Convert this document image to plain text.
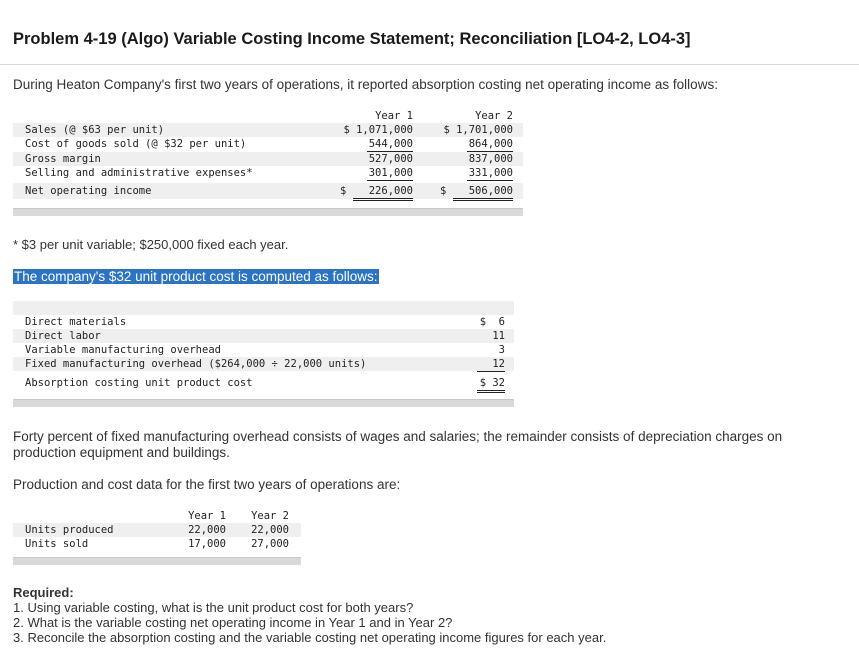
Problem 4-19 (Algo) Variable Costing Income Statement; Reconciliation [LO4-2, LO4-3]
During Heaton Company's first two years of operations, it reported absorption costing net operating income as follows:
Year 1	Year 2
Sales (@ $63 per unit)	$ 1,071,000	$ 1,701,000
Cost of goods sold (@ $32 per unit)	544,000	864,000
Gross margin	527,000	837,000
Selling and administrative expenses*	301,000	331,000
Net operating income	$	226,000	$	506,000
* $3 per unit variable; $250,000 fixed each year.
The company's $32 unit product cost is computed as follows:
Direct materials	$  6
Direct labor	11
Variable manufacturing overhead	3
Fixed manufacturing overhead ($264,000 ÷ 22,000 units)	12
Absorption costing unit product cost	$ 32
Forty percent of fixed manufacturing overhead consists of wages and salaries; the remainder consists of depreciation charges on production equipment and buildings.
Production and cost data for the first two years of operations are:
Year 1	Year 2
Units produced	22,000	22,000
Units sold	17,000	27,000
Required:
1. Using variable costing, what is the unit product cost for both years?
2. What is the variable costing net operating income in Year 1 and in Year 2?
3. Reconcile the absorption costing and the variable costing net operating income figures for each year.
